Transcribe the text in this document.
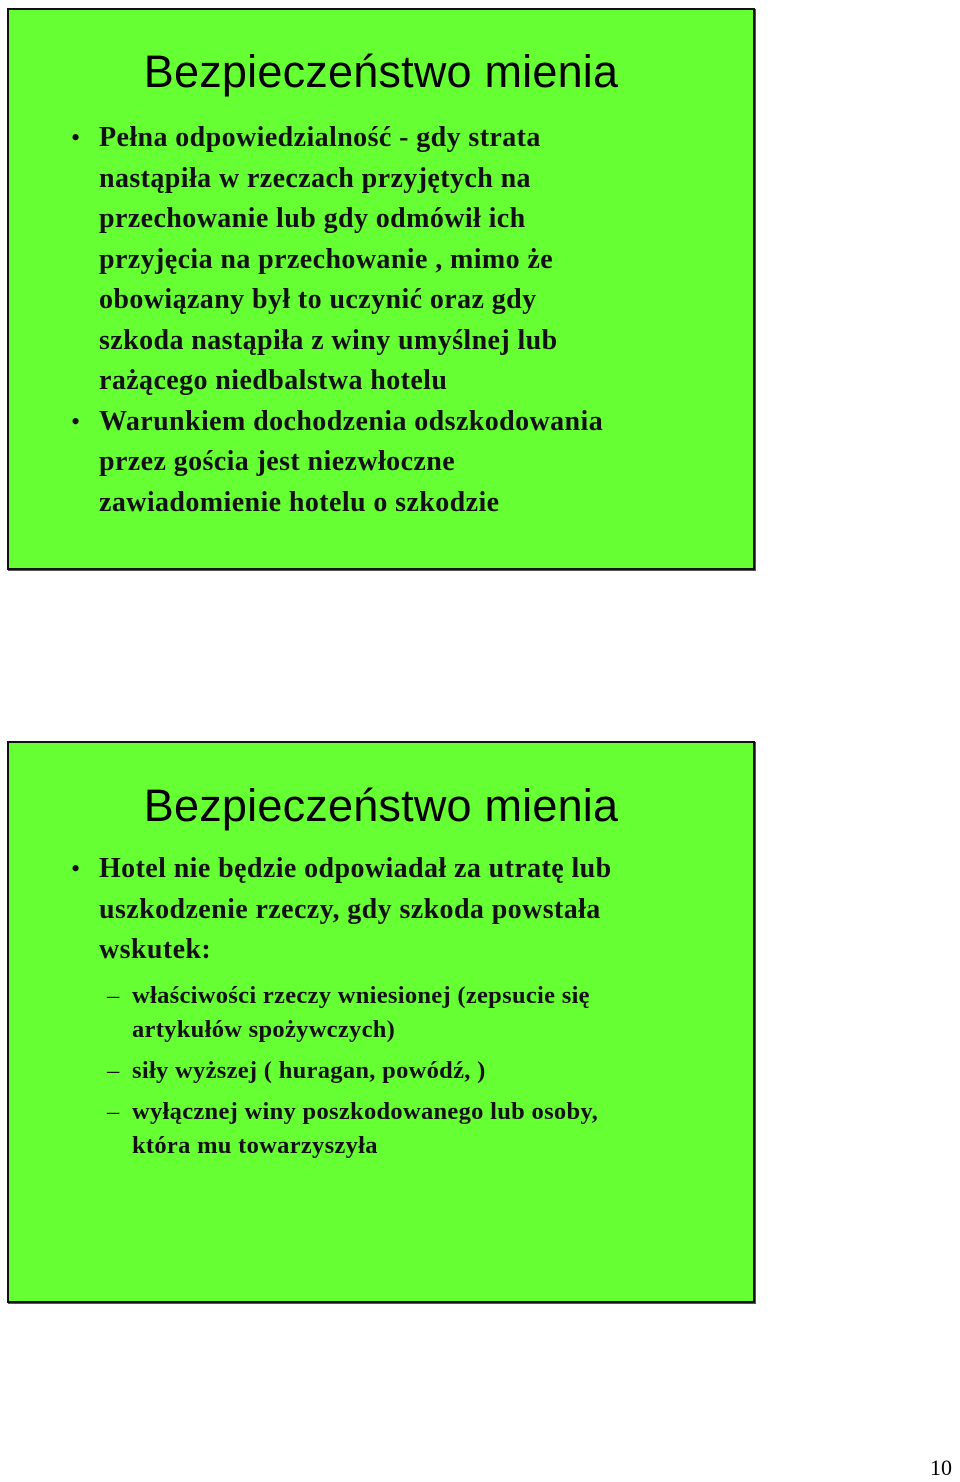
Bezpieczeństwo mienia
• Pełna odpowiedzialność - gdy strata
nastąpiła w rzeczach przyjętych na
przechowanie lub gdy odmówił ich
przyjęcia na przechowanie , mimo że
obowiązany był to uczynić oraz gdy
szkoda nastąpiła z winy umyślnej lub
rażącego niedbalstwa hotelu
• Warunkiem dochodzenia odszkodowania
przez gościa jest niezwłoczne
zawiadomienie hotelu o szkodzie
Bezpieczeństwo mienia
• Hotel nie będzie odpowiadał za utratę lub
uszkodzenie rzeczy, gdy szkoda powstała
wskutek:
– właściwości rzeczy wniesionej (zepsucie się
artykułów spożywczych)
– siły wyższej ( huragan, powódź, )
– wyłącznej winy poszkodowanego lub osoby,
która mu towarzyszyła
10
